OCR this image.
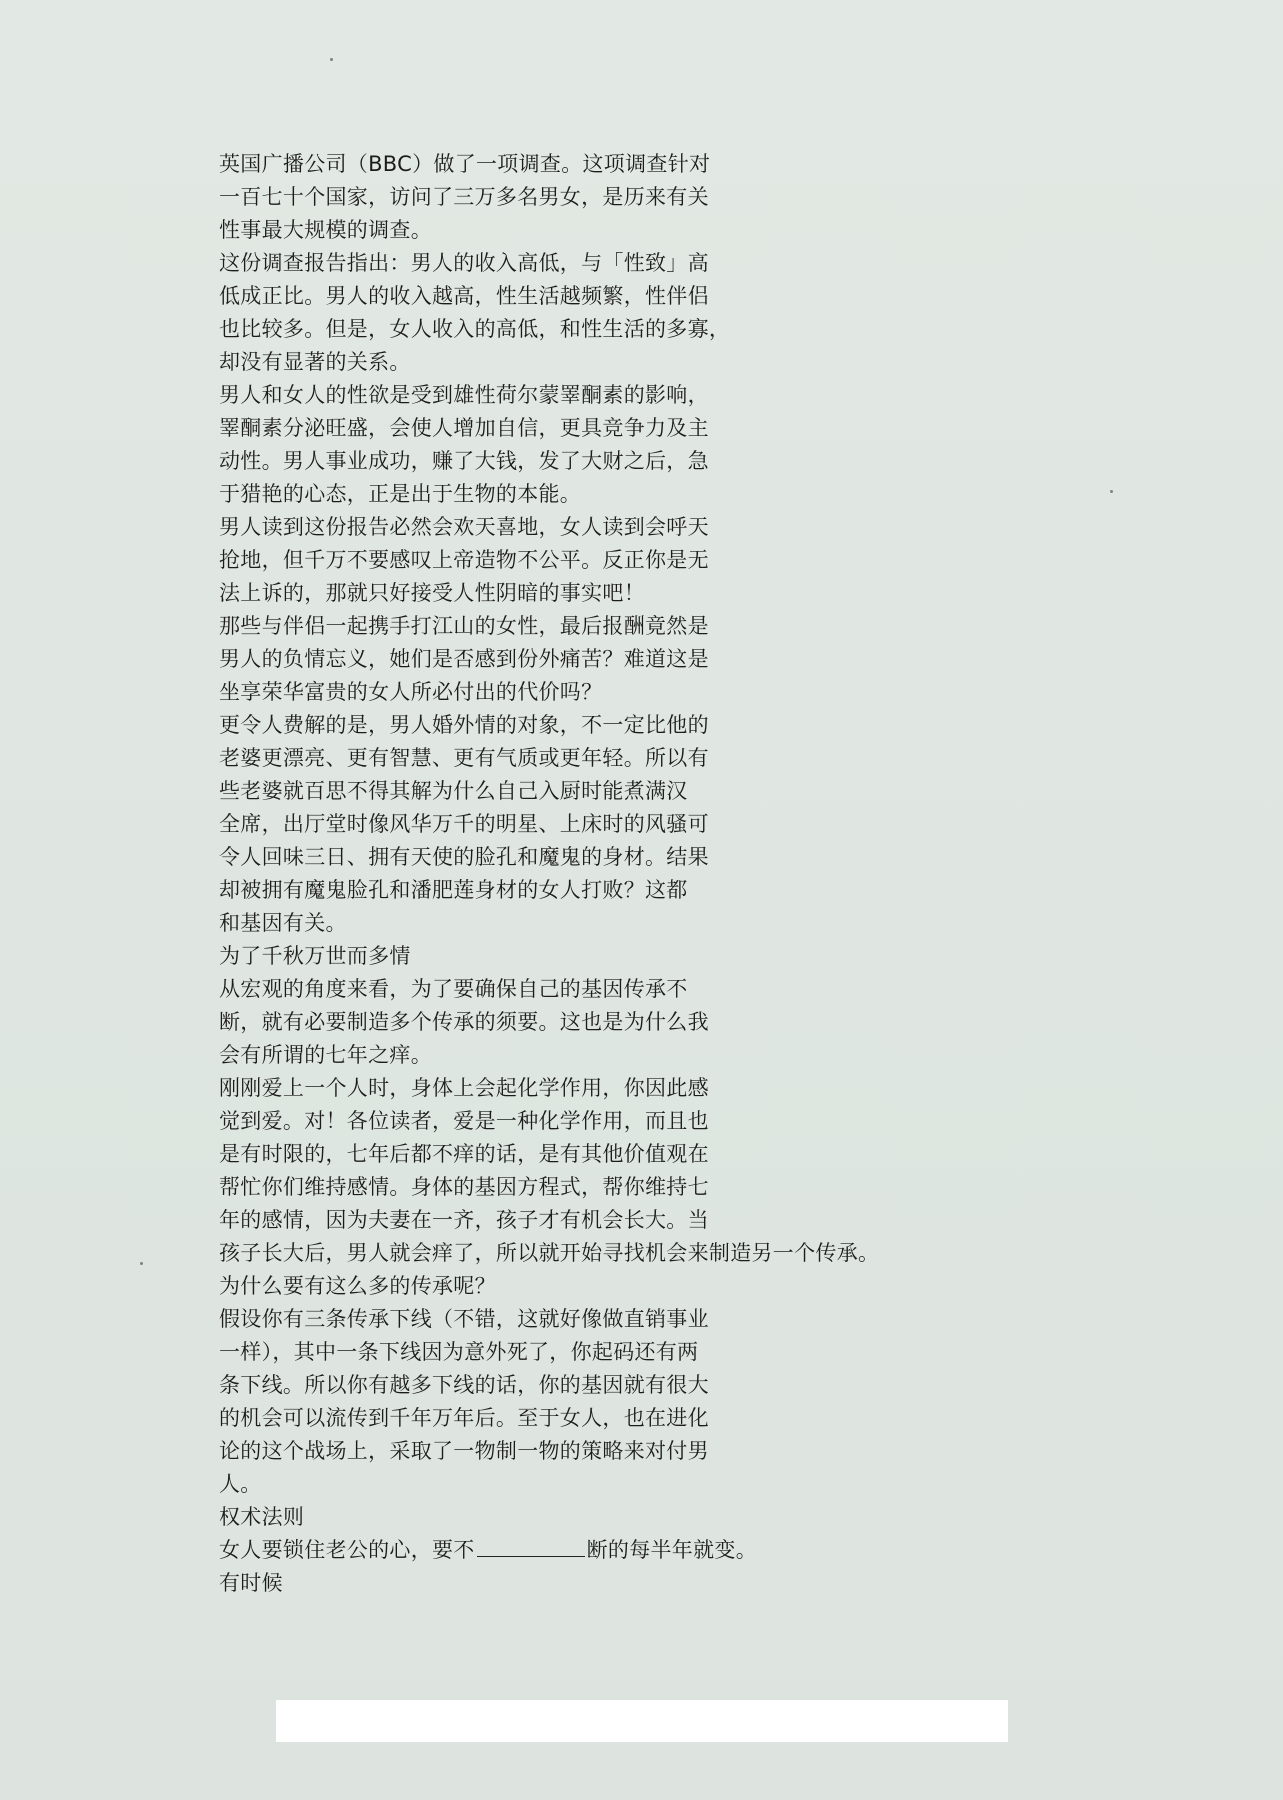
英国广播公司（BBC）做了一项调查。这项调查针对
一百七十个国家，访问了三万多名男女，是历来有关
性事最大规模的调查。
这份调查报告指出：男人的收入高低，与「性致」高
低成正比。男人的收入越高，性生活越频繁，性伴侣
也比较多。但是，女人收入的高低，和性生活的多寡，
却没有显著的关系。
男人和女人的性欲是受到雄性荷尔蒙睪酮素的影响，
睪酮素分泌旺盛，会使人增加自信，更具竞争力及主
动性。男人事业成功，赚了大钱，发了大财之后，急
于猎艳的心态，正是出于生物的本能。
男人读到这份报告必然会欢天喜地，女人读到会呼天
抢地，但千万不要感叹上帝造物不公平。反正你是无
法上诉的，那就只好接受人性阴暗的事实吧！
那些与伴侣一起携手打江山的女性，最后报酬竟然是
男人的负情忘义，她们是否感到份外痛苦？难道这是
坐享荣华富贵的女人所必付出的代价吗？
更令人费解的是，男人婚外情的对象，不一定比他的
老婆更漂亮、更有智慧、更有气质或更年轻。所以有
些老婆就百思不得其解为什么自己入厨时能煮满汉
全席，出厅堂时像风华万千的明星、上床时的风骚可
令人回味三日、拥有天使的脸孔和魔鬼的身材。结果
却被拥有魔鬼脸孔和潘肥莲身材的女人打败？这都
和基因有关。
为了千秋万世而多情
从宏观的角度来看，为了要确保自己的基因传承不
断，就有必要制造多个传承的须要。这也是为什么我
会有所谓的七年之痒。
刚刚爱上一个人时，身体上会起化学作用，你因此感
觉到爱。对！各位读者，爱是一种化学作用，而且也
是有时限的，七年后都不痒的话，是有其他价值观在
帮忙你们维持感情。身体的基因方程式，帮你维持七
年的感情，因为夫妻在一齐，孩子才有机会长大。当
孩子长大后，男人就会痒了，所以就开始寻找机会来制造另一个传承。
为什么要有这么多的传承呢？
假设你有三条传承下线（不错，这就好像做直销事业
一样），其中一条下线因为意外死了，你起码还有两
条下线。所以你有越多下线的话，你的基因就有很大
的机会可以流传到千年万年后。至于女人，也在进化
论的这个战场上，采取了一物制一物的策略来对付男
人。
权术法则
女人要锁住老公的心，要不	断的每半年就变。
有时候
